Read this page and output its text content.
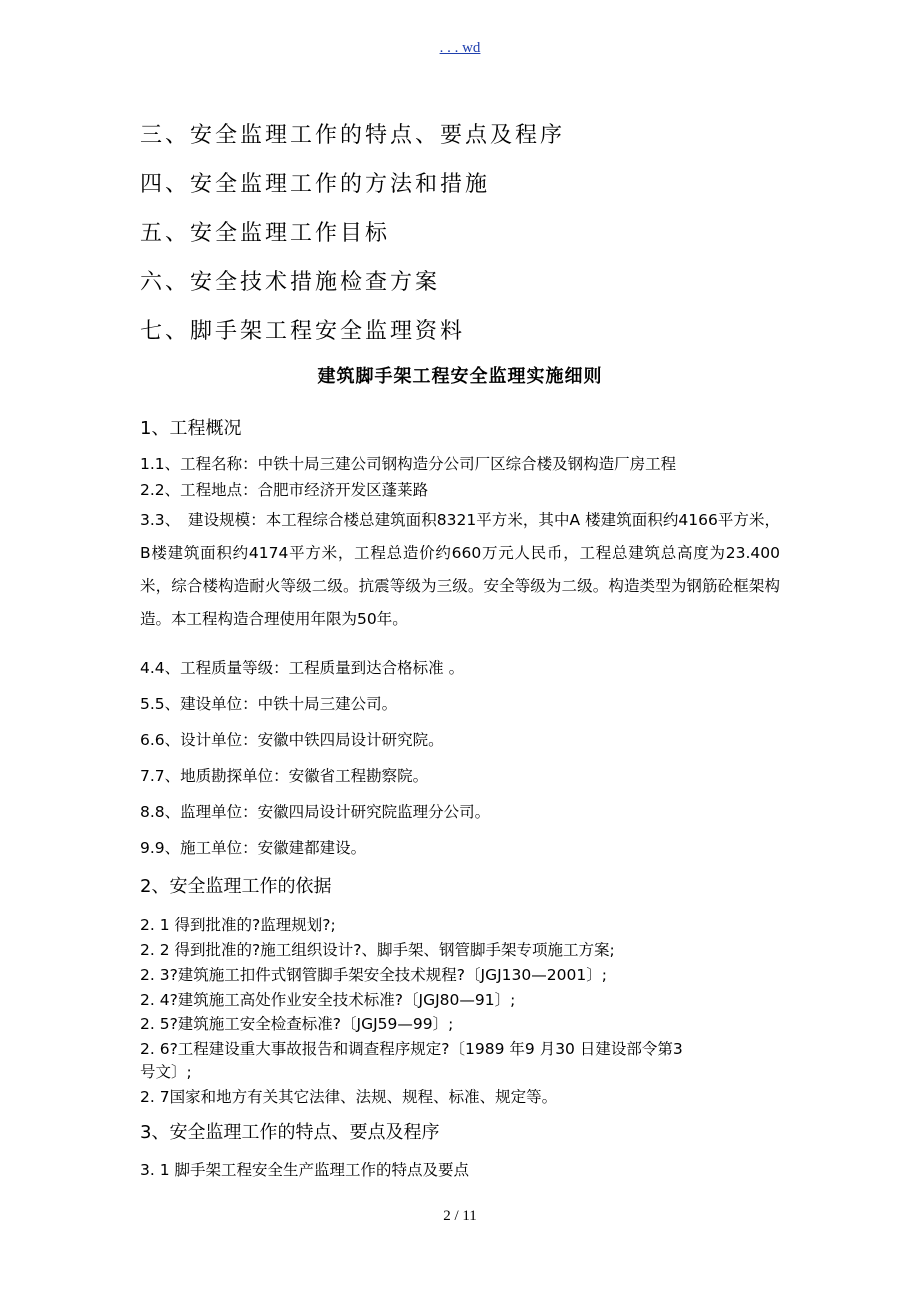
. . . wd
三、安全监理工作的特点、要点及程序
四、安全监理工作的方法和措施
五、安全监理工作目标
六、安全技术措施检查方案
七、脚手架工程安全监理资料
建筑脚手架工程安全监理实施细则
1、工程概况
1.1、工程名称：中铁十局三建公司钢构造分公司厂区综合楼及钢构造厂房工程
2.2、工程地点：合肥市经济开发区蓬莱路
3.3、　建设规模：本工程综合楼总建筑面积8321平方米，其中A 楼建筑面积约4166平方米，B楼建筑面积约4174平方米，工程总造价约660万元人民币，工程总建筑总高度为23.400米，综合楼构造耐火等级二级。抗震等级为三级。安全等级为二级。构造类型为钢筋砼框架构造。本工程构造合理使用年限为50年。
4.4、工程质量等级：工程质量到达合格标准 。
5.5、建设单位：中铁十局三建公司。
6.6、设计单位：安徽中铁四局设计研究院。
7.7、地质勘探单位：安徽省工程勘察院。
8.8、监理单位：安徽四局设计研究院监理分公司。
9.9、施工单位：安徽建都建设。
2、安全监理工作的依据
2. 1 得到批准的?监理规划?;
2. 2 得到批准的?施工组织设计?、脚手架、钢管脚手架专项施工方案;
2. 3?建筑施工扣件式钢管脚手架安全技术规程?〔JGJ130—2001〕;
2. 4?建筑施工高处作业安全技术标准?〔JGJ80—91〕;
2. 5?建筑施工安全检查标准?〔JGJ59—99〕;
2. 6?工程建设重大事故报告和调查程序规定?〔1989 年9 月30 日建设部令第3
号文〕;
2. 7国家和地方有关其它法律、法规、规程、标准、规定等。
3、安全监理工作的特点、要点及程序
3. 1 脚手架工程安全生产监理工作的特点及要点
2 / 11
